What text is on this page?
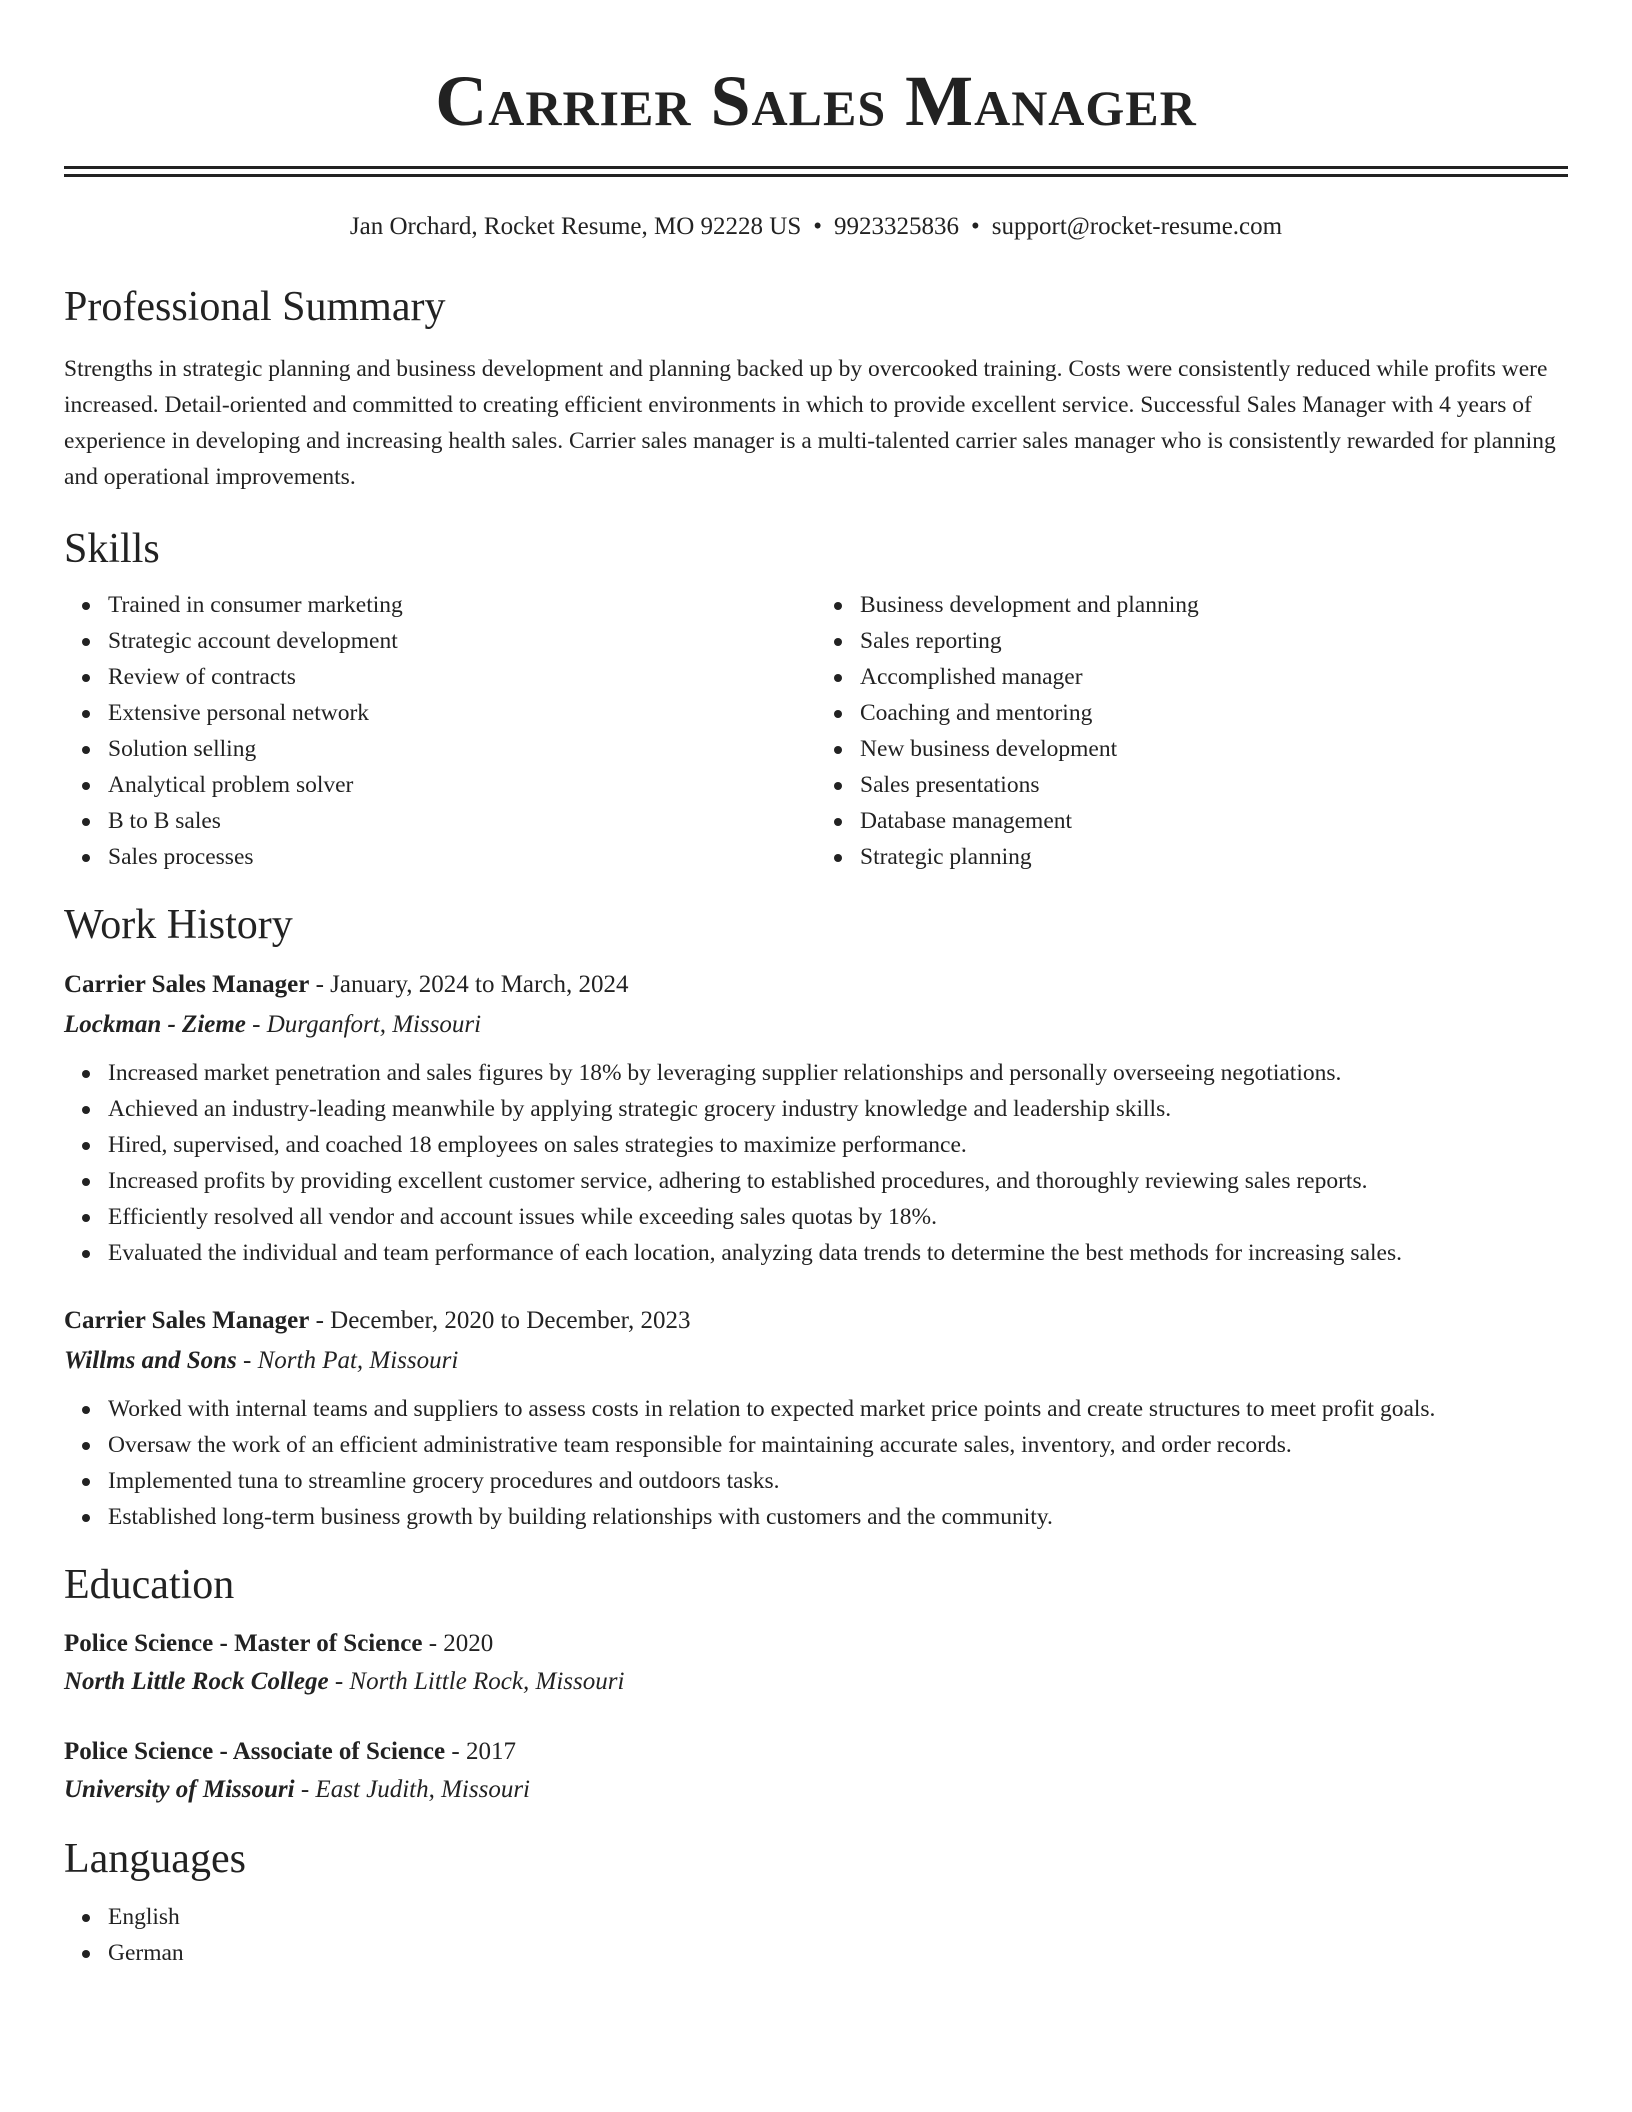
Carrier Sales Manager
Jan Orchard, Rocket Resume, MO 92228 US • 9923325836 • support@rocket-resume.com
Professional Summary

Strengths in strategic planning and business development and planning backed up by overcooked training. Costs were consistently reduced while profits were increased. Detail-oriented and committed to creating efficient environments in which to provide excellent service. Successful Sales Manager with 4 years of experience in developing and increasing health sales. Carrier sales manager is a multi-talented carrier sales manager who is consistently rewarded for planning and operational improvements.

Skills
Trained in consumer marketing
Strategic account development
Review of contracts
Extensive personal network
Solution selling
Analytical problem solver
B to B sales
Sales processes
Business development and planning
Sales reporting
Accomplished manager
Coaching and mentoring
New business development
Sales presentations
Database management
Strategic planning
Work History
Carrier Sales Manager - January, 2024 to March, 2024
Lockman - Zieme - Durganfort, Missouri
Increased market penetration and sales figures by 18% by leveraging supplier relationships and personally overseeing negotiations.
Achieved an industry-leading meanwhile by applying strategic grocery industry knowledge and leadership skills.
Hired, supervised, and coached 18 employees on sales strategies to maximize performance.
Increased profits by providing excellent customer service, adhering to established procedures, and thoroughly reviewing sales reports.
Efficiently resolved all vendor and account issues while exceeding sales quotas by 18%.
Evaluated the individual and team performance of each location, analyzing data trends to determine the best methods for increasing sales.
Carrier Sales Manager - December, 2020 to December, 2023
Willms and Sons - North Pat, Missouri
Worked with internal teams and suppliers to assess costs in relation to expected market price points and create structures to meet profit goals.
Oversaw the work of an efficient administrative team responsible for maintaining accurate sales, inventory, and order records.
Implemented tuna to streamline grocery procedures and outdoors tasks.
Established long-term business growth by building relationships with customers and the community.
Education
Police Science - Master of Science - 2020
North Little Rock College - North Little Rock, Missouri
Police Science - Associate of Science - 2017
University of Missouri - East Judith, Missouri
Languages
English
German
